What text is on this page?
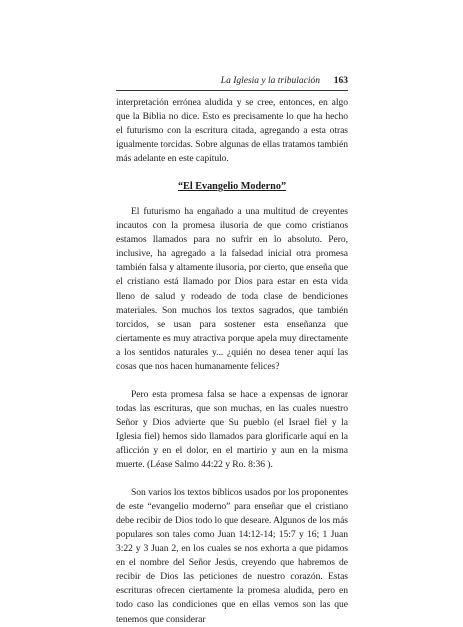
La Iglesia y la tribulación 163

interpretación errónea aludida y se cree, entonces, en algo que la Biblia no dice. Esto es precisamente lo que ha hecho el futurismo con la escritura citada, agregando a esta otras igualmente torcidas. Sobre algunas de ellas tratamos también más adelante en este capítulo.

“El Evangelio Moderno”

El futurismo ha engañado a una multitud de creyentes incautos con la promesa ilusoria de que como cristianos estamos llamados para no sufrir en lo absoluto. Pero, inclusive, ha agregado a la falsedad inicial otra promesa también falsa y altamente ilusoria, por cierto, que enseña que el cristiano está llamado por Dios para estar en esta vida lleno de salud y rodeado de toda clase de bendiciones materiales. Son muchos los textos sagrados, que también torcidos, se usan para sostener esta enseñanza que ciertamente es muy atractiva porque apela muy directamente a los sentidos naturales y... ¿quién no desea tener aquí las cosas que nos hacen humanamente felices?

Pero esta promesa falsa se hace a expensas de ignorar todas las escrituras, que son muchas, en las cuales nuestro Señor y Dios advierte que Su pueblo (el Israel fiel y la Iglesia fiel) hemos sido llamados para glorificarle aquí en la aflicción y en el dolor, en el martirio y aun en la misma muerte. (Léase Salmo 44:22 y Ro. 8:36 ).

Son varios los textos bíblicos usados por los proponentes de este “evangelio moderno” para enseñar que el cristiano debe recibir de Dios todo lo que deseare. Algunos de los más populares son tales como Juan 14:12-14; 15:7 y 16; 1 Juan 3:22 y 3 Juan 2, en los cuales se nos exhorta a que pidamos en el nombre del Señor Jesús, creyendo que habremos de recibir de Dios las peticiones de nuestro corazón. Estas escrituras ofrecen ciertamente la promesa aludida, pero en todo caso las condiciones que en ellas vemos son las que tenemos que considerar
